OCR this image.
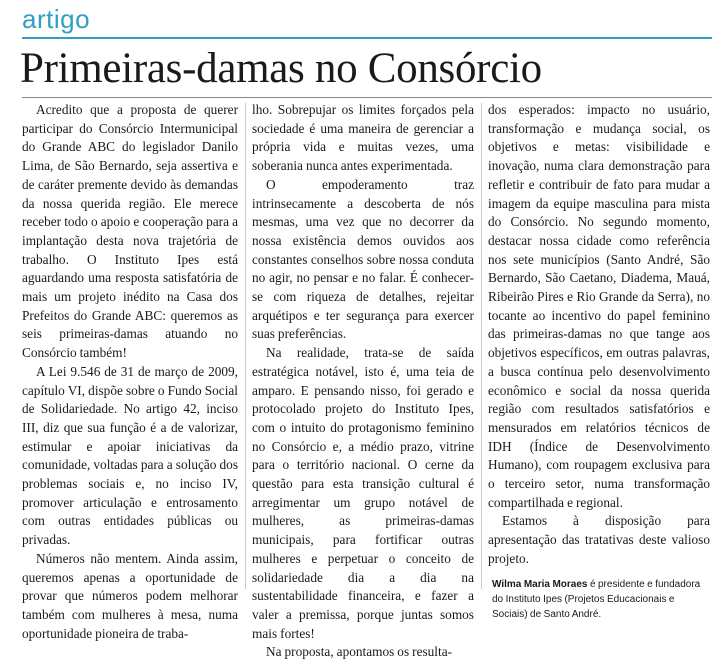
artigo
Primeiras-damas no Consórcio

Acredito que a proposta de querer participar do Consórcio Intermunicipal do Grande ABC do legislador Danilo Lima, de São Bernardo, seja assertiva e de caráter premente devido às demandas da nossa querida região. Ele merece receber todo o apoio e cooperação para a implantação desta nova trajetória de trabalho. O Instituto Ipes está aguardando uma resposta satisfatória de mais um projeto inédito na Casa dos Prefeitos do Grande ABC: queremos as seis primeiras-damas atuando no Consórcio também!

A Lei 9.546 de 31 de março de 2009, capítulo VI, dispõe sobre o Fundo Social de Solidariedade. No artigo 42, inciso III, diz que sua função é a de valorizar, estimular e apoiar iniciativas da comunidade, voltadas para a solução dos problemas sociais e, no inciso IV, promover articulação e entrosamento com outras entidades públicas ou privadas.

Números não mentem. Ainda assim, queremos apenas a oportunidade de provar que números podem melhorar também com mulheres à mesa, numa oportunidade pioneira de traba-

lho. Sobrepujar os limites forçados pela sociedade é uma maneira de gerenciar a própria vida e muitas vezes, uma soberania nunca antes experimentada.

O empoderamento traz intrinsecamente a descoberta de nós mesmas, uma vez que no decorrer da nossa existência demos ouvidos aos constantes conselhos sobre nossa conduta no agir, no pensar e no falar. É conhecer-se com riqueza de detalhes, rejeitar arquétipos e ter segurança para exercer suas preferências.

Na realidade, trata-se de saída estratégica notável, isto é, uma teia de amparo. E pensando nisso, foi gerado e protocolado projeto do Instituto Ipes, com o intuito do protagonismo feminino no Consórcio e, a médio prazo, vitrine para o território nacional. O cerne da questão para esta transição cultural é arregimentar um grupo notável de mulheres, as primeiras-damas municipais, para fortificar outras mulheres e perpetuar o conceito de solidariedade dia a dia na sustentabilidade financeira, e fazer a valer a premissa, porque juntas somos mais fortes!

Na proposta, apontamos os resulta-

dos esperados: impacto no usuário, transformação e mudança social, os objetivos e metas: visibilidade e inovação, numa clara demonstração para refletir e contribuir de fato para mudar a imagem da equipe masculina para mista do Consórcio. No segundo momento, destacar nossa cidade como referência nos sete municípios (Santo André, São Bernardo, São Caetano, Diadema, Mauá, Ribeirão Pires e Rio Grande da Serra), no tocante ao incentivo do papel feminino das primeiras-damas no que tange aos objetivos específicos, em outras palavras, a busca contínua pelo desenvolvimento econômico e social da nossa querida região com resultados satisfatórios e mensurados em relatórios técnicos de IDH (Índice de Desenvolvimento Humano), com roupagem exclusiva para o terceiro setor, numa transformação compartilhada e regional.

Estamos à disposição para apresentação das tratativas deste valioso projeto.

Wilma Maria Moraes é presidente e fundadora do Instituto Ipes (Projetos Educacionais e Sociais) de Santo André.
